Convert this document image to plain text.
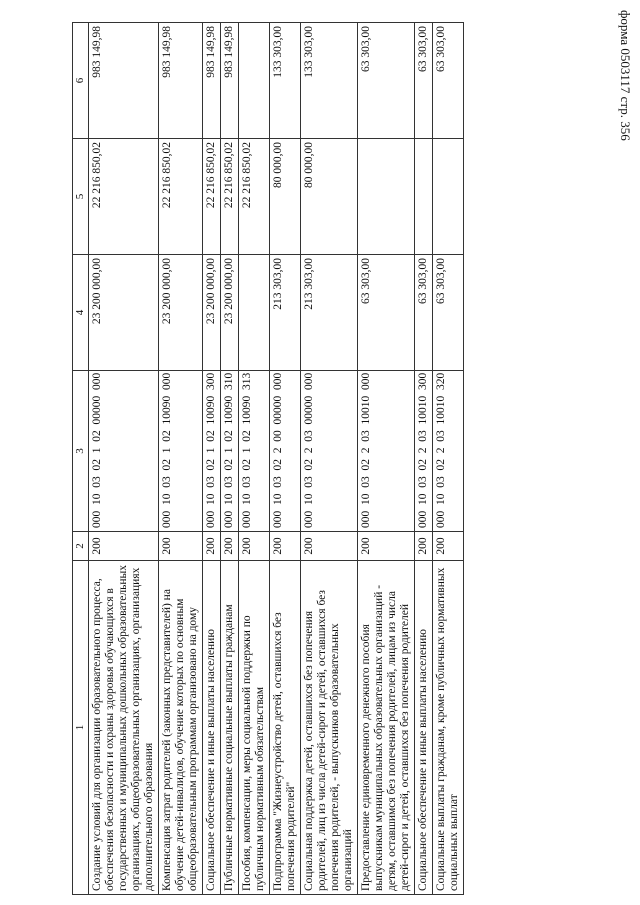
форма 0503117 стр. 356
1	2	3	4	5	6
Создание условий для организации образовательного процесса, обеспечения безопасности и охраны здоровья обучающихся в государственных и муниципальных дошкольных образовательных организациях, общеобразовательных организациях, организациях дополнительного образования	200	000  10  03  02  1  02  00000  000	23 200 000,00	22 216 850,02	983 149,98
Компенсация затрат родителей (законных представителей) на обучение детей-инвалидов, обучение которых по основным общеобразовательным программам организовано на дому	200	000  10  03  02  1  02  10090  000	23 200 000,00	22 216 850,02	983 149,98
Социальное обеспечение и иные выплаты населению	200	000  10  03  02  1  02  10090  300	23 200 000,00	22 216 850,02	983 149,98
Публичные нормативные социальные выплаты гражданам	200	000  10  03  02  1  02  10090  310	23 200 000,00	22 216 850,02	983 149,98
Пособия, компенсации, меры социальной поддержки по публичным нормативным обязательствам	200	000  10  03  02  1  02  10090  313		22 216 850,02	
Подпрограмма "Жизнеустройство детей, оставшихся без попечения родителей"	200	000  10  03  02  2  00  00000  000	213 303,00	80 000,00	133 303,00
Социальная поддержка детей, оставшихся без попечения родителей, лиц из числа детей-сирот и детей, оставшихся без попечения родителей, - выпускников образовательных организаций	200	000  10  03  02  2  03  00000  000	213 303,00	80 000,00	133 303,00
Предоставление единовременного денежного пособия выпускникам муниципальных образовательных организаций - детям, оставшимся без попечения родителей, лицам из числа детей-сирот и детей, оставшихся без попечения родителей	200	000  10  03  02  2  03  10010  000	63 303,00		63 303,00
Социальное обеспечение и иные выплаты населению	200	000  10  03  02  2  03  10010  300	63 303,00		63 303,00
Социальные выплаты гражданам, кроме публичных нормативных социальных выплат	200	000  10  03  02  2  03  10010  320	63 303,00		63 303,00
